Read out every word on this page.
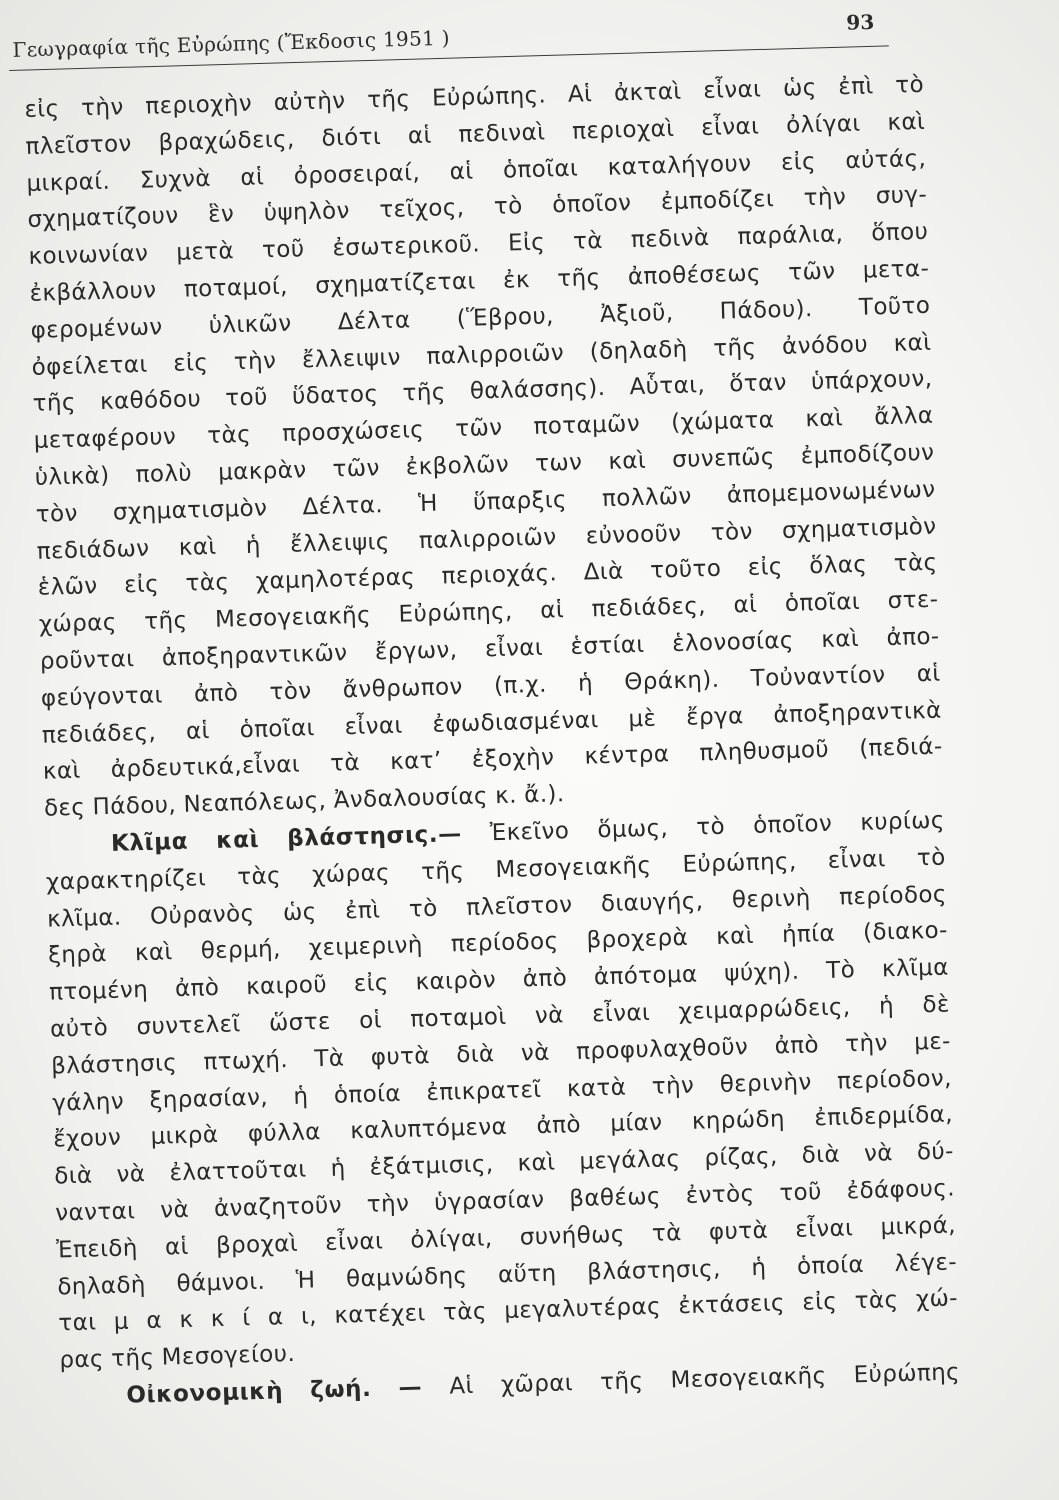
Γεωγραφία τῆς Εὐρώπης (Ἔκδοσις 1951 )
93
εἰς τὴν περιοχὴν αὐτὴν τῆς Εὐρώπης. Αἱ ἀκταὶ εἶναι ὡς ἐπὶ τὸ
πλεῖστον βραχώδεις, διότι αἱ πεδιναὶ περιοχαὶ εἶναι ὀλίγαι καὶ
μικραί. Συχνὰ αἱ ὀροσειραί, αἱ ὁποῖαι καταλήγουν εἰς αὐτάς,
σχηματίζουν ἓν ὑψηλὸν τεῖχος, τὸ ὁποῖον ἐμποδίζει τὴν συγ-
κοινωνίαν μετὰ τοῦ ἐσωτερικοῦ. Εἰς τὰ πεδινὰ παράλια, ὅπου
ἐκβάλλουν ποταμοί, σχηματίζεται ἐκ τῆς ἀποθέσεως τῶν μετα-
φερομένων ὑλικῶν Δέλτα (Ἕβρου, Ἀξιοῦ, Πάδου). Τοῦτο
ὀφείλεται εἰς τὴν ἔλλειψιν παλιρροιῶν (δηλαδὴ τῆς ἀνόδου καὶ
τῆς καθόδου τοῦ ὕδατος τῆς θαλάσσης). Αὗται, ὅταν ὑπάρχουν,
μεταφέρουν τὰς προσχώσεις τῶν ποταμῶν (χώματα καὶ ἄλλα
ὑλικὰ) πολὺ μακρὰν τῶν ἐκβολῶν των καὶ συνεπῶς ἐμποδίζουν
τὸν σχηματισμὸν Δέλτα. Ἡ ὕπαρξις πολλῶν ἀπομεμονωμένων
πεδιάδων καὶ ἡ ἔλλειψις παλιρροιῶν εὐνοοῦν τὸν σχηματισμὸν
ἑλῶν εἰς τὰς χαμηλοτέρας περιοχάς. Διὰ τοῦτο εἰς ὅλας τὰς
χώρας τῆς Μεσογειακῆς Εὐρώπης, αἱ πεδιάδες, αἱ ὁποῖαι στε-
ροῦνται ἀποξηραντικῶν ἔργων, εἶναι ἑστίαι ἑλονοσίας καὶ ἀπο-
φεύγονται ἀπὸ τὸν ἄνθρωπον (π.χ. ἡ Θράκη). Τοὐναντίον αἱ
πεδιάδες, αἱ ὁποῖαι εἶναι ἐφωδιασμέναι μὲ ἔργα ἀποξηραντικὰ
καὶ ἀρδευτικά,εἶναι τὰ κατ’ ἐξοχὴν κέντρα πληθυσμοῦ (πεδιά-
δες Πάδου, Νεαπόλεως, Ἀνδαλουσίας κ. ἄ.).
Κλῖμα καὶ βλάστησις.— Ἐκεῖνο ὅμως, τὸ ὁποῖον κυρίως
χαρακτηρίζει τὰς χώρας τῆς Μεσογειακῆς Εὐρώπης, εἶναι τὸ
κλῖμα. Οὐρανὸς ὡς ἐπὶ τὸ πλεῖστον διαυγής, θερινὴ περίοδος
ξηρὰ καὶ θερμή, χειμερινὴ περίοδος βροχερὰ καὶ ἠπία (διακο-
πτομένη ἀπὸ καιροῦ εἰς καιρὸν ἀπὸ ἀπότομα ψύχη). Τὸ κλῖμα
αὐτὸ συντελεῖ ὥστε οἱ ποταμοὶ νὰ εἶναι χειμαρρώδεις, ἡ δὲ
βλάστησις πτωχή. Τὰ φυτὰ διὰ νὰ προφυλαχθοῦν ἀπὸ τὴν με-
γάλην ξηρασίαν, ἡ ὁποία ἐπικρατεῖ κατὰ τὴν θερινὴν περίοδον,
ἔχουν μικρὰ φύλλα καλυπτόμενα ἀπὸ μίαν κηρώδη ἐπιδερμίδα,
διὰ νὰ ἐλαττοῦται ἡ ἐξάτμισις, καὶ μεγάλας ρίζας, διὰ νὰ δύ-
νανται νὰ ἀναζητοῦν τὴν ὑγρασίαν βαθέως ἐντὸς τοῦ ἐδάφους.
Ἐπειδὴ αἱ βροχαὶ εἶναι ὀλίγαι, συνήθως τὰ φυτὰ εἶναι μικρά,
δηλαδὴ θάμνοι. Ἡ θαμνώδης αὕτη βλάστησις, ἡ ὁποία λέγε-
ται μ α κ κ ί α ι, κατέχει τὰς μεγαλυτέρας ἐκτάσεις εἰς τὰς χώ-
ρας τῆς Μεσογείου.
Οἰκονομικὴ ζωή. — Αἱ χῶραι τῆς Μεσογειακῆς Εὐρώπης
